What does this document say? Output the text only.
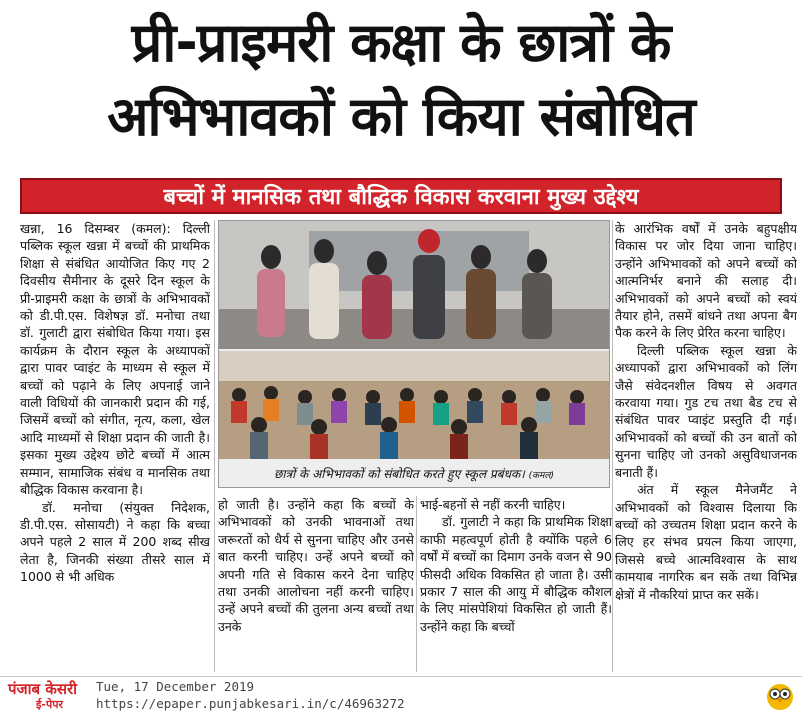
प्री-प्राइमरी कक्षा के छात्रों के
अभिभावकों को किया संबोधित
बच्चों में मानसिक तथा बौद्धिक विकास करवाना मुख्य उद्देश्य

खन्ना, 16 दिसम्बर (कमल): दिल्ली पब्लिक स्कूल खन्ना में बच्चों की प्राथमिक शिक्षा से संबंधित आयोजित किए गए 2 दिवसीय सैमीनार के दूसरे दिन स्कूल के प्री-प्राइमरी कक्षा के छात्रों के अभिभावकों को डी.पी.एस. विशेषज्ञ डॉ. मनोचा तथा डॉ. गुलाटी द्वारा संबोधित किया गया। इस कार्यक्रम के दौरान स्कूल के अध्यापकों द्वारा पावर प्वाइंट के माध्यम से स्कूल में बच्चों को पढ़ाने के लिए अपनाई जाने वाली विधियों की जानकारी प्रदान की गई, जिसमें बच्चों को संगीत, नृत्य, कला, खेल आदि माध्यमों से शिक्षा प्रदान की जाती है। इसका मुख्य उद्देश्य छोटे बच्चों में आत्म सम्मान, सामाजिक संबंध व मानसिक तथा बौद्धिक विकास करवाना है।

डॉ. मनोचा (संयुक्त निदेशक, डी.पी.एस. सोसायटी) ने कहा कि बच्चा अपने पहले 2 साल में 200 शब्द सीख लेता है, जिनकी संख्या तीसरे साल में 1000 से भी अधिक

छात्रों के अभिभावकों को संबोधित करते हुए स्कूल प्रबंधक। (कमल)

हो जाती है। उन्होंने कहा कि बच्चों के अभिभावकों को उनकी भावनाओं तथा जरूरतों को धैर्य से सुनना चाहिए और उनसे बात करनी चाहिए। उन्हें अपने बच्चों को अपनी गति से विकास करने देना चाहिए तथा उनकी आलोचना नहीं करनी चाहिए। उन्हें अपने बच्चों की तुलना अन्य बच्चों तथा उनके

भाई-बहनों से नहीं करनी चाहिए।

डॉ. गुलाटी ने कहा कि प्राथमिक शिक्षा काफी महत्वपूर्ण होती है क्योंकि पहले 6 वर्षों में बच्चों का दिमाग उनके वजन से 90 फीसदी अधिक विकसित हो जाता है। उसी प्रकार 7 साल की आयु में बौद्धिक कौशल के लिए मांसपेशियां विकसित हो जाती हैं। उन्होंने कहा कि बच्चों

के आरंभिक वर्षों में उनके बहुपक्षीय विकास पर जोर दिया जाना चाहिए। उन्होंने अभिभावकों को अपने बच्चों को आत्मनिर्भर बनाने की सलाह दी। अभिभावकों को अपने बच्चों को स्वयं तैयार होने, तसमें बांधने तथा अपना बैग पैक करने के लिए प्रेरित करना चाहिए।

दिल्ली पब्लिक स्कूल खन्ना के अध्यापकों द्वारा अभिभावकों को लिंग जैसे संवेदनशील विषय से अवगत करवाया गया। गुड टच तथा बैड टच से संबंधित पावर प्वाइंट प्रस्तुति दी गई। अभिभावकों को बच्चों की उन बातों को सुनना चाहिए जो उनको असुविधाजनक बनाती हैं।

अंत में स्कूल मैनेजमैंट ने अभिभावकों को विश्वास दिलाया कि बच्चों को उच्चतम शिक्षा प्रदान करने के लिए हर संभव प्रयत्न किया जाएगा, जिससे बच्चे आत्मविश्वास के साथ कामयाब नागरिक बन सकें तथा विभिन्न क्षेत्रों में नौकरियां प्राप्त कर सकें।

पंजाब केसरी
ई-पेपर
Tue, 17 December 2019
https://epaper.punjabkesari.in/c/46963272
